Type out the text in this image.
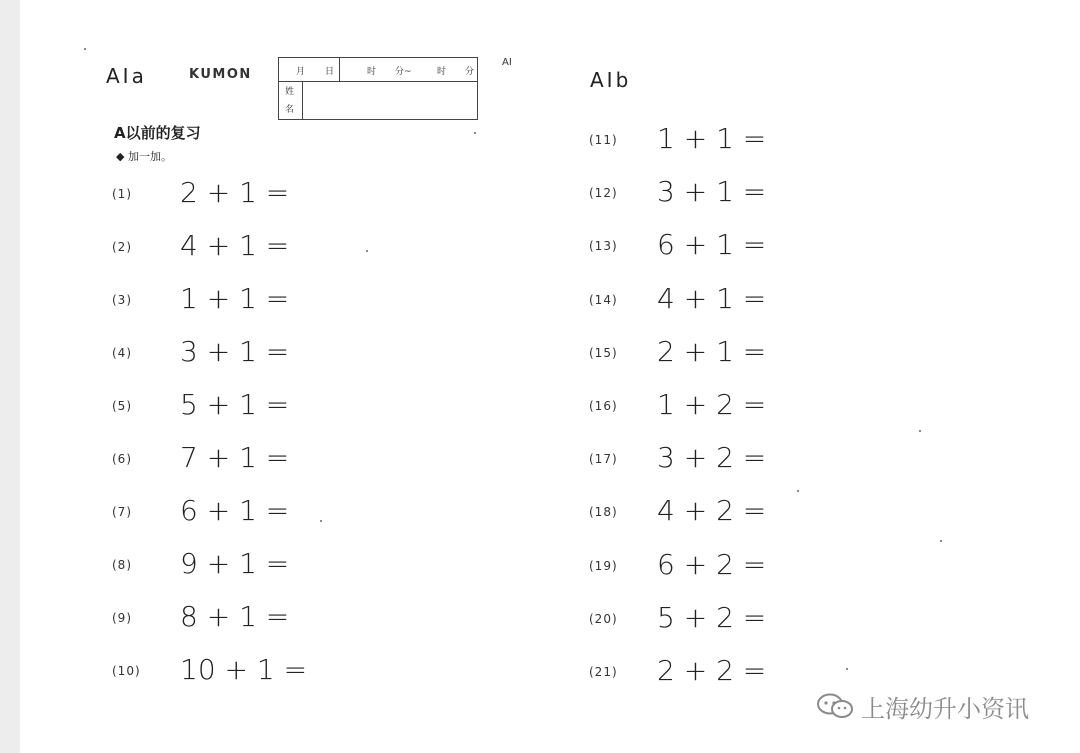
AIa	KUMON
AI
AIb
月 日	时 分~	时 分
姓
名
A以前的复习
◆ 加一加。
(1) 2 + 1 =
(2) 4 + 1 =
(3) 1 + 1 =
(4) 3 + 1 =
(5) 5 + 1 =
(6) 7 + 1 =
(7) 6 + 1 =
(8) 9 + 1 =
(9) 8 + 1 =
(10) 10 + 1 =
(11) 1 + 1 =
(12) 3 + 1 =
(13) 6 + 1 =
(14) 4 + 1 =
(15) 2 + 1 =
(16) 1 + 2 =
(17) 3 + 2 =
(18) 4 + 2 =
(19) 6 + 2 =
(20) 5 + 2 =
(21) 2 + 2 =
上海幼升小资讯
